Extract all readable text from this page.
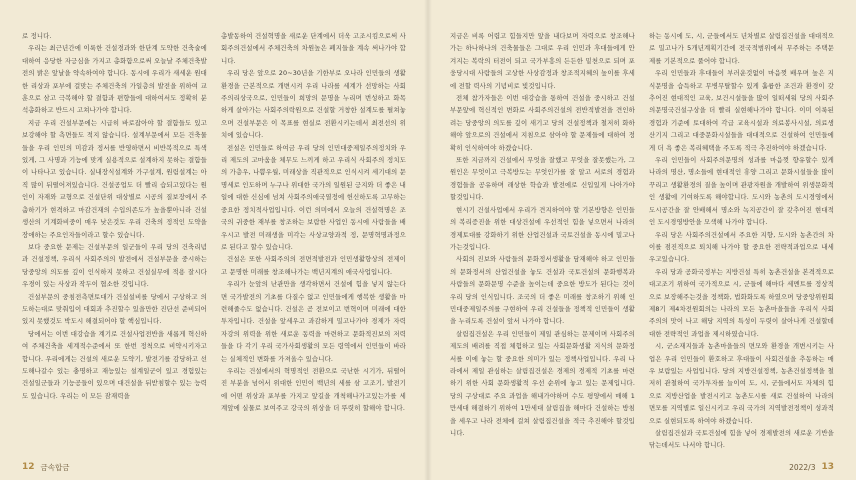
로 정니다.

우리는 최근년간에 이룩한 건설경과와 한단계 도약한 건축술에 대하여 응당한 자긍심을 가지고 총화함으로써 오늘날 주체건축발전의 밝은 앞날을 약속하여야 합니다. 동시에 우리가 새세운 원대한 리상과 포부에 걸맞는 주체건축의 가일층의 발전을 위하여 교훈으로 삼고 극복해야 할 결함과 편향들에 대하여서도 정확히 분석총화하고 반드시 고쳐나가야 합니다.

지금 우리 건설부문에는 시급히 바로잡아야 할 결함들도 있고 보강해야 할 측면들도 적지 않습니다. 설계부문에서 모든 건축물들을 우리 인민의 미감과 정서를 반영하면서 비반복적으로 특색있게, 그 사명과 기능에 맞게 실용적으로 설계하지 못하는 결함들이 나타나고 있습니다. 실내장식설계와 가구설계, 원림설계는 아직 많이 뒤떨어져있습니다. 건설공업도 더 빨리 습되고있다는 원인이 자재와 교형으로 건설단위 대상별로 시공의 질보장에서 주춤하기가 현격하고 마감건재의 수입의존도가 높을뿐아니라 건설생산의 기계화비중이 매우 낮은것도 우리 건축의 정적인 도약을 장애하는 주요인자들이라고 할수 있습니다.

보다 중요한 문제는 건설부문의 일군들이 우리 당의 건축리념과 건설정책, 우리식 사회주의의 발전에서 건설부문을 중시하는 당중앙의 의도를 깊이 인식하지 못하고 건설실무에 적용 잘시다우경이 있는 사상과 작두이 협소한 것입니다.

건설부문의 중침전측면토대가 건설설비를 당에서 구상하고 의도하는대로 맞춰입이 대회과 추진할수 있을만한 진단선 준비되어있지 못했것도 박도시 해결되어야 할 핵심입니다.

당에서는 이번 대강습을 계기로 건설사업전반을 새롭게 혁신하여 주체건축을 세계적수준에서 또 한번 정척으로 비약시키자고 합니다. 우리에게는 건설의 새로운 도약기, 발전기를 감당하고 선도해나갈수 있는 충명하고 재능있는 설계일군이 있고 경험있는 건설일군들과 기능공들이 있으며 대건설을 뒤받침할수 있는 능력도 있습니다. 우리는 이 모든 잠재력을

총발동하여 건설혁명을 새로운 단계에서 더욱 고조시킴으로써 사회주의건설에서 주체건축의 차원높은 폐지들을 계속 써나가야 합니다.

우리 당은 앞으로 20~30년을 기한부로 오나라 인민들의 생활환경을 근본적으로 개변시켜 우리 나라를 세계가 선망하는 사회주의리상국으로, 인민들이 희망의 문명을 누리며 번성하고 화목하게 살아가는 사회주의락원으로 건설할 거창한 설계도를 펼쳐놓으며 건설부문은 이 목표를 현실로 전환시키는데서 최전선의 위치에 있습니다.

전설은 인민들로 하여금 우리 당의 인민대중제일주의정치와 우리 제도의 고마움을 체무도 느끼게 하고 우리식 사회주의 정치도의 가층우, 나쁨우월, 미래상을 직관적으로 인식시켜 세기대의 문명세로 인도하며 누구나 위대한 국가의 일원된 긍지와 더 좋은 내일에 대한 신심에 넘쳐 사회주의애국열정에 헌신하도록 고무하는 중요한 정치적사업입니다. 이런 의미에서 오늘의 건설혁명은 조국의 귀중한 재부를 창조하는 보람한 사업인 동시에 사람들을 배우시고 발전 미래생을 미각는 사상교양과적 정, 문명혁명과정으로 된다고 할수 있습니다.

건설은 또한 사회주의의 전면적발전과 인민생활향상의 전제이고 문명한 미래를 창조해나가는 백년지계의 애국사업입니다.

우리가 눈앞의 난관만을 생각하면서 건설에 힘을 넣지 않는다면 국가발전의 기초를 다질수 없고 인민들에게 행복한 생활을 마련해줄수도 없습니다. 건설은 곧 전보이고 번혁이며 미래에 대한 투자입니다. 건설을 앞세우고 과감하게 밀고나가야 경제가 자력자강의 위력을 위한 새로운 동력을 마련하고 문화적진보의 저력들을 다 각기 우리 국가사회생활의 모든 령역에서 인민들이 바라는 실체적인 변화를 가져올수 있습니다.

우리는 건설에서의 혁명적인 전환으로 국난한 시기가, 뒤떨어진 부분을 넘어서 위대한 인민이 백년의 세를 삼 고조기, 발전기에 어떤 위상과 포부를 가지고 앞길을 개척해나가고있는가를 세계앞에 실물로 보여주고 강국의 위상을 더 뚜렷히 할해야 합니다.

12 금속합금

지금은 비록 어렵고 힘들지만 앞을 내다보며 자력으로 창조해나가는 하나하나의 건축물들은 그대로 우리 인민과 후대들에게 안겨지는 복락의 터전이 되고 국가부흥의 든든한 밑천으로 되며 포웅당시대 사람들의 고상한 사상감정과 창조적지혜의 높이를 후세에 전할 력사의 기념비로 빛것입니다.

전체 참가자들은 이번 대강습을 통하여 건설을 중시하고 건설부문앞에 혁신적인 변화로 사회주의건설의 전반적발전을 견인하려는 당중앙의 의도를 깊이 새기고 당의 건설정책과 철저히 화하해야 앞으로의 건설에서 지침으로 삼아야 할 문제들에 대하여 정확히 인식하여야 하겠습니다.

또한 지금까지 건설에서 무엇을 잘했고 무엇을 잘못했는가, 그 원인은 무엇이고 극복방도는 무엇인가를 잘 알고 서로의 경험과 경험들을 공유하며 래상한 학습과 발전에로 신입있게 나아가야 할것입니다.

현시기 건설사업에서 우리가 견지하여야 할 기본방향은 인민들의 복리증진을 위한 대상건설에 우선적인 힘을 넣으면서 나라의 경제토대를 강화하기 위한 산업건설과 국토건설을 동시에 밀고나가는것입니다.

사회의 진보와 사람들의 문화정서생활을 담재해야 하고 인민들의 문화정서의 산업건설을 놓도 건설과 국토건설의 문화행복과 사람들의 문화문명 수준을 높이는데 중요한 방도가 된다는 것이 우리 당의 인식입니다. 조국의 더 좋은 미래를 창조하기 위해 인민대중제일주의를 구현하여 우리 건설들을 정책적 인민들이 생활을 누리도록 건설이 앞서 나가야 합니다.

살림집건설은 우리 인민들이 제일 관심하는 문제이며 사회주의제도의 배려를 직접 체험하고 있는 사회문화생활 지식의 문화정서를 이에 놓는 할 중요한 의미가 있는 정책사업입니다. 우리 나라에서 제일 관심하는 살림집건설은 경제의 경제적 기초를 마련하기 위한 사회 문화생활적 우선 순위에 놓고 있는 문제입니다. 당의 구상대로 주요 과업을 해내가야하며 수도 평양에서 매해 1만세대 해결하기 위하여 1만세대 살림집을 해마다 건설하는 방침을 세우고 나라 전체에 걸쳐 살림집건설을 적극 추진해야 할것입니다.

하는 동시에 도, 시, 군들에서도 년차별로 살림집건설을 대대적으로 밀고나가 5개년계획기간에 전국적범위에서 무주하는 주택문제를 기본적으로 풀어야 합니다.

우리 인민들과 후대들이 부러운것없이 마음껏 배우며 높은 지식문명을 습득하고 무병무탈할수 있게 훌륭한 조건과 환경이 갖추어진 현대적인 교육, 보건시설들을 많이 일떠세워 당의 사회주의문명국건설구상을 더 빨리 실현해나가야 합니다. 이미 이룩된 경험과 기준에 토대하여 각급 교육시설과 의료봉사시설, 의료생산기지 그리고 대중문화시설들을 대대적으로 건설하여 인민들에게 더 욕 좋은 복리혜택을 주도록 적극 추진하여야 하겠습니다.

우리 인민들이 사회주의문명의 성과를 마음껏 향유할수 있게 나라의 명산, 명소들에 현대적인 휴양 그리고 문화시설들을 많이 꾸리고 생활환경의 질을 높이며 관광자원을 개발하여 위생문화적인 생활에 기여하도록 해야합니다. 도시와 농촌의 도시경영에서 도시공간을 잘 안배해서 명소와 녹지공간이 잘 갖추어진 현대적인 도시경영방안을 모색해 나가야 합니다.

우리 당은 사회주의건설에서 주요한 지향, 도시와 농촌간의 차이를 점진적으로 퇴치해 나가야 할 중요한 전략적과업으로 내세우고있습니다.

우리 당과 공화국정부는 지방건설 특히 농촌건설을 본격적으로 대고조기 위하여 국가적으로 시, 군들에 해마다 세멘트를 정상적으로 보장해주는것을 정책화, 법화화도록 하였으며 당중앙위원회 제8기 제4차전원회의는 나라의 모든 농촌마을들을 우리식 사회주의의 맛이 나고 해당 지역의 특성이 두렷이 살아나게 건설할데 대한 전략적인 과업을 제시하였습니다.

시, 군소재지들과 농촌마을들의 면모와 환경을 개변시키는 사업은 우리 인민들이 환호하고 후대들이 사회건설을 추동하는 매우 보람있는 사업입니다. 당의 지방건설정책, 농촌건설정책을 철저히 관철하여 국가투자를 늘이여 도, 시, 군들에서도 자체의 힘으로 지방산업을 발전시키고 농촌도시를 새로 건설하여 나라의 면모를 지역별로 일신시키고 우리 국가의 지역발전정책이 성과적으로 실현되도록 하여야 하겠습니다.

살림집건설과 국토건설에 힘을 넣어 경제발전의 새로운 기반을 닦는데서도 나서야 합니다.

2022/3 13
